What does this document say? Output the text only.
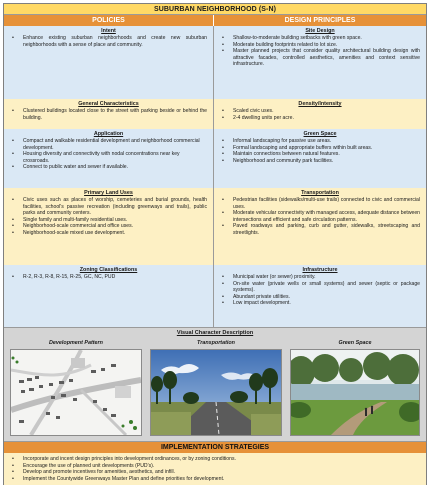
SUBURBAN NEIGHBORHOOD (S-N)
POLICIES	DESIGN PRINCIPLES
Intent
• Enhance existing suburban neighborhoods and create new suburban neighborhoods with a sense of place and community.
General Characteristics
• Clustered buildings located close to the street with parking beside or behind the building.
Application
• Compact and walkable residential development and neighborhood commercial development.
• Housing diversity and connectivity with nodal concentrations near key crossroads.
• Connect to public water and sewer if available.
Primary Land Uses
• Civic uses such as places of worship, cemeteries and burial grounds, health facilities, school's passive recreation (including greenways and trails), public parks and community centers.
• Single family and multi-family residential uses.
• Neighborhood-scale commercial and office uses.
• Neighborhood-scale mixed use development.
Zoning Classifications
• R-2, R-3, R-8, R-15, R-25, GC, NC, PUD
Site Design
• Shallow-to-moderate building setbacks with green space.
• Moderate building footprints related to lot size.
• Master planned projects that consider quality architectural building design with attractive facades, controlled aesthetics, amenities and context sensitive infrastructure.
Density/Intensity
• Scaled civic uses.
• 2-4 dwelling units per acre.
Green Space
• Informal landscaping for passive use areas.
• Formal landscaping and appropriate buffers within built areas.
• Maintain connections between natural features.
• Neighborhood and community park facilities.
Transportation
• Pedestrian facilities (sidewalks/multi-use trails) connected to civic and commercial uses.
• Moderate vehicular connectivity with managed access, adequate distance between intersections and efficient and safe circulation patterns.
• Paved roadways and parking, curb and gutter, sidewalks, streetscaping and streetlights.
Infrastructure
• Municipal water (or sewer) proximity.
• On-site water (private wells or small systems) and sewer (septic or package systems).
• Abundant private utilities.
• Low impact development.
Visual Character Description
Development Pattern	Transportation	Green Space
IMPLEMENTATION STRATEGIES
• Incorporate and incent design principles into development ordinances, or by zoning conditions.
• Encourage the use of planned unit developments (PUD's).
• Develop and promote incentives for amenities, aesthetics, and infill.
• Implement the Countywide Greenways Master Plan and define priorities for development.
